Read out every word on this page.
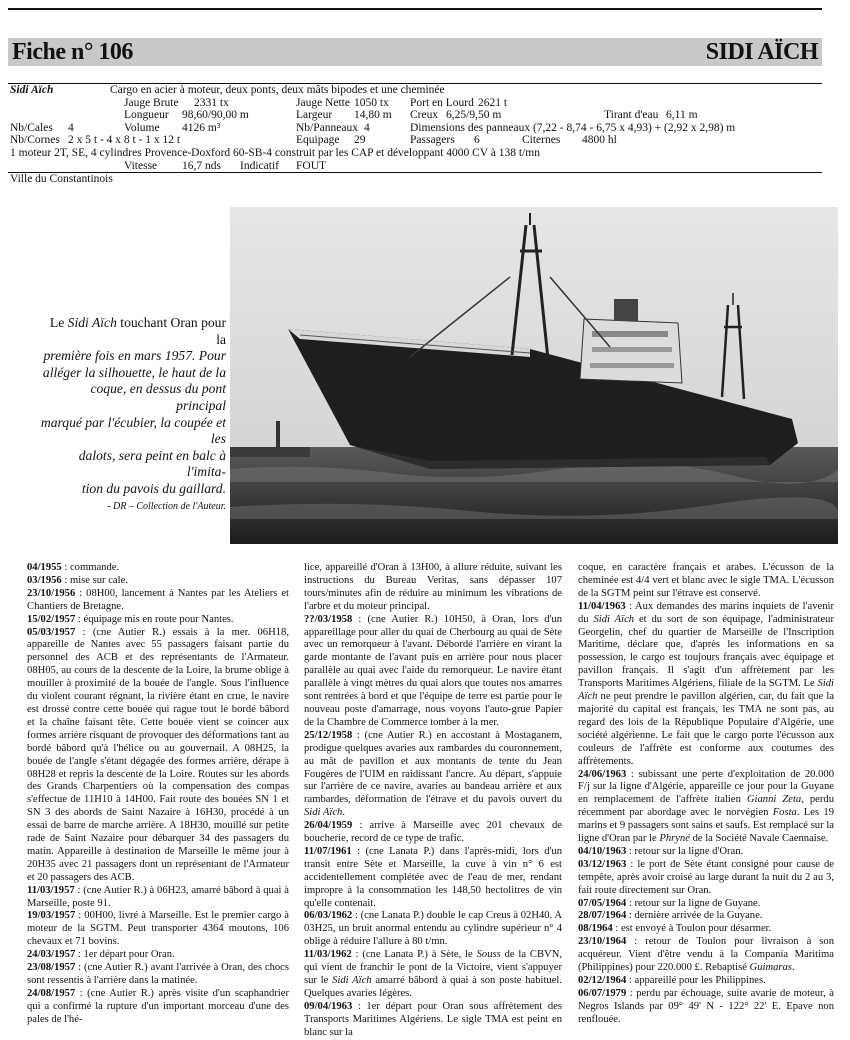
Fiche n° 106	SIDI AÏCH
Sidi Aïch	Cargo en acier à moteur, deux ponts, deux mâts bipodes et une cheminée
Jauge Brute 2331 tx	Jauge Nette 1050 tx Port en Lourd 2621 t
Longueur 98,60/90,00 m	Largeur 14,80 m Creux 6,25/9,50 m	Tirant d'eau 6,11 m
Nb/Cales 4	Volume 4126 m³	Nb/Panneaux 4	Dimensions des panneaux (7,22 - 8,74 - 6,75 x 4,93) + (2,92 x 2,98) m
Nb/Cornes 2 x 5 t - 4 x 8 t - 1 x 12 t	Equipage 29	Passagers 6	Citernes 4800 hl
1 moteur 2T, SE, 4 cylindres Provence-Doxford 60-SB-4 construit par les CAP et développant 4000 CV à 138 t/mn
Vitesse 16,7 nds Indicatif FOUT
Ville du Constantinois
Le Sidi Aïch touchant Oran pour la
première fois en mars 1957. Pour
alléger la silhouette, le haut de la
coque, en dessus du pont principal
marqué par l'écubier, la coupée et les
dalots, sera peint en balc à l'imita-
tion du pavois du gaillard.
- DR – Collection de l'Auteur.

04/1955 : commande.

03/1956 : mise sur cale.

23/10/1956 : 08H00, lancement à Nantes par les Ateliers et Chantiers de Bretagne.

15/02/1957 : équipage mis en route pour Nantes.

05/03/1957 : (cne Autier R.) essais à la mer. 06H18, appareille de Nantes avec 55 passagers faisant partie du personnel des ACB et des représentants de l'Armateur. 08H05, au cours de la descente de la Loire, la brume oblige à mouiller à proximité de la bouée de l'angle. Sous l'influence du violent courant régnant, la rivière étant en crue, le navire est drossé contre cette bouée qui rague tout le bordé bâbord et la chaîne faisant tête. Cette bouée vient se coincer aux formes arrière risquant de provoquer des déformations tant au bordé bâbord qu'à l'hélice ou au gouvernail. A 08H25, la bouée de l'angle s'étant dégagée des formes arrière, dérape à 08H28 et repris la descente de la Loire. Routes sur les abords des Grands Charpentiers où la compensation des compas s'effectue de 11H10 à 14H00. Fait route des bouées SN 1 et SN 3 des abords de Saint Nazaire à 16H30, procédé à un essai de barre de marche arrière. A 18H30, mouillé sur petite rade de Saint Nazaire pour débarquer 34 des passagers du matin. Appareille à destination de Marseille le même jour à 20H35 avec 21 passagers dont un représentant de l'Armateur et 20 passagers des ACB.

11/03/1957 : (cne Autier R.) à 06H23, amarré bâbord à quai à Marseille, poste 91.

19/03/1957 : 00H00, livré à Marseille. Est le premier cargo à moteur de la SGTM. Peut transporter 4364 moutons, 106 chevaux et 71 bovins.

24/03/1957 : 1er départ pour Oran.

23/08/1957 : (cne Autier R.) avant l'arrivée à Oran, des chocs sont ressentis à l'arrière dans la matinée.

24/08/1957 : (cne Autier R.) après visite d'un scaphandrier qui a confirmé la rupture d'un important morceau d'une des pales de l'hé-

lice, appareillé d'Oran à 13H00, à allure réduite, suivant les instructions du Bureau Veritas, sans dépasser 107 tours/minutes afin de réduire au minimum les vibrations de l'arbre et du moteur principal.

??/03/1958 : (cne Autier R.) 10H50, à Oran, lors d'un appareillage pour aller du quai de Cherbourg au quai de Sète avec un remorqueur à l'avant. Débordé l'arrière en virant la garde montante de l'avant puis en arrière pour nous placer parallèle au quai avec l'aide du remorqueur. Le navire étant parallèle à vingt mètres du quai alors que toutes nos amarres sont rentrées à bord et que l'équipe de terre est partie pour le nouveau poste d'amarrage, nous voyons l'auto-grue Papier de la Chambre de Commerce tomber à la mer.

25/12/1958 : (cne Autier R.) en accostant à Mostaganem, prodigue quelques avaries aux rambardes du couronnement, au mât de pavillon et aux montants de tente du Jean Fougères de l'UIM en raidissant l'ancre. Au départ, s'appuie sur l'arrière de ce navire, avaries au bandeau arrière et aux rambardes, déformation de l'étrave et du pavois ouvert du Sidi Aïch.

26/04/1959 : arrive à Marseille avec 201 chevaux de boucherie, record de ce type de trafic.

11/07/1961 : (cne Lanata P.) dans l'après-midi, lors d'un transit entre Sète et Marseille, la cuve à vin n° 6 est accidentellement complétée avec de l'eau de mer, rendant impropre à la consommation les 148,50 hectolitres de vin qu'elle contenait.

06/03/1962 : (cne Lanata P.) double le cap Creus à 02H40. A 03H25, un bruit anormal entendu au cylindre supérieur n° 4 oblige à réduire l'allure à 80 t/mn.

11/03/1962 : (cne Lanata P.) à Sète, le Souss de la CBVN, qui vient de franchir le pont de la Victoire, vient s'appuyer sur le Sidi Aïch amarré bâbord à quai à son poste habituel. Quelques avaries légères.

09/04/1963 : 1er départ pour Oran sous affrètement des Transports Maritimes Algériens. Le sigle TMA est peint en blanc sur la

coque, en caractère français et arabes. L'écusson de la cheminée est 4/4 vert et blanc avec le sigle TMA. L'écusson de la SGTM peint sur l'étrave est conservé.

11/04/1963 : Aux demandes des marins inquiets de l'avenir du Sidi Aïch et du sort de son équipage, l'administrateur Georgelin, chef du quartier de Marseille de l'Inscription Maritime, déclare que, d'après les informations en sa possession, le cargo est toujours français avec équipage et pavillon français. Il s'agit d'un affrètement par les Transports Maritimes Algériens, filiale de la SGTM. Le Sidi Aïch ne peut prendre le pavillon algérien, car, du fait que la majorité du capital est français, les TMA ne sont pas, au regard des lois de la République Populaire d'Algérie, une société algérienne. Le fait que le cargo porte l'écusson aux couleurs de l'affrète est conforme aux coutumes des affrètements.

24/06/1963 : subissant une perte d'exploitation de 20.000 F/j sur la ligne d'Algérie, appareille ce jour pour la Guyane en remplacement de l'affrète italien Gianni Zeta, perdu récemment par abordage avec le norvégien Fosta. Les 19 marins et 9 passagers sont sains et saufs. Est remplacé sur la ligne d'Oran par le Phryné de la Société Navale Caennaise.

04/10/1963 : retour sur la ligne d'Oran.

03/12/1963 : le port de Sète étant consigné pour cause de tempête, après avoir croisé au large durant la nuit du 2 au 3, fait route directement sur Oran.

07/05/1964 : retour sur la ligne de Guyane.

28/07/1964 : dernière arrivée de la Guyane.

08/1964 : est envoyé à Toulon pour désarmer.

23/10/1964 : retour de Toulon pour livraison à son acquéreur. Vient d'être vendu à la Compania Maritima (Philippines) pour 220.000 £. Rebaptisé Guimaras.

02/12/1964 : appareillé pour les Philippines.

06/07/1979 : perdu par échouage, suite avarie de moteur, à Negros Islands par 09° 49' N - 122° 22' E. Epave non renflouée.
